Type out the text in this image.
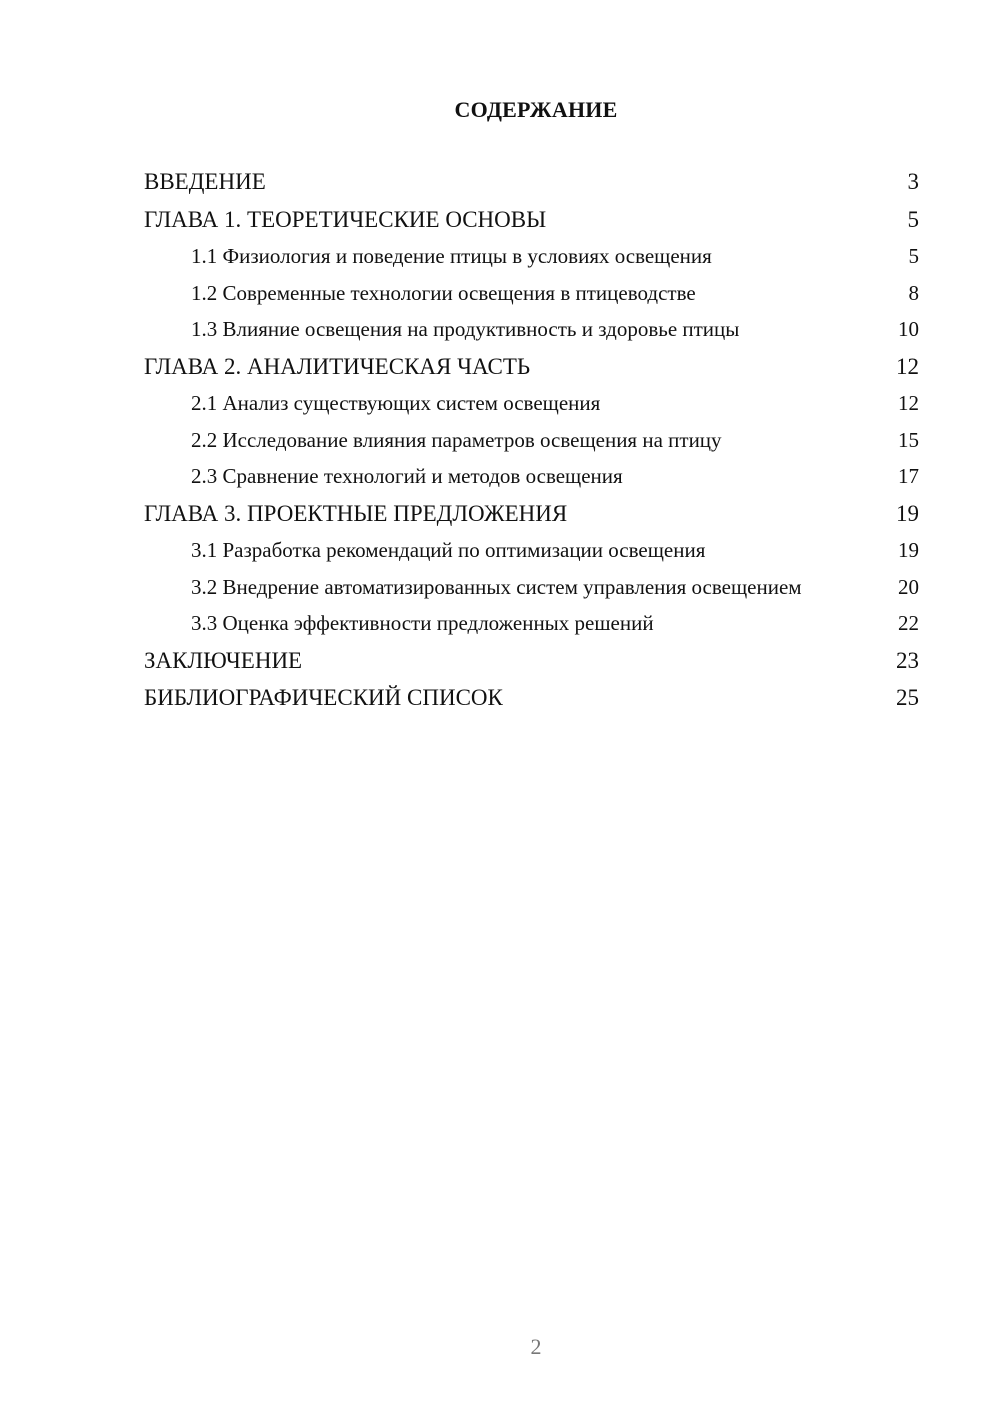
СОДЕРЖАНИЕ
ВВЕДЕНИЕ	3
ГЛАВА 1. ТЕОРЕТИЧЕСКИЕ ОСНОВЫ	5
1.1 Физиология и поведение птицы в условиях освещения	5
1.2 Современные технологии освещения в птицеводстве	8
1.3 Влияние освещения на продуктивность и здоровье птицы	10
ГЛАВА 2. АНАЛИТИЧЕСКАЯ ЧАСТЬ	12
2.1 Анализ существующих систем освещения	12
2.2 Исследование влияния параметров освещения на птицу	15
2.3 Сравнение технологий и методов освещения	17
ГЛАВА 3. ПРОЕКТНЫЕ ПРЕДЛОЖЕНИЯ	19
3.1 Разработка рекомендаций по оптимизации освещения	19
3.2 Внедрение автоматизированных систем управления освещением	20
3.3 Оценка эффективности предложенных решений	22
ЗАКЛЮЧЕНИЕ	23
БИБЛИОГРАФИЧЕСКИЙ СПИСОК	25
2
